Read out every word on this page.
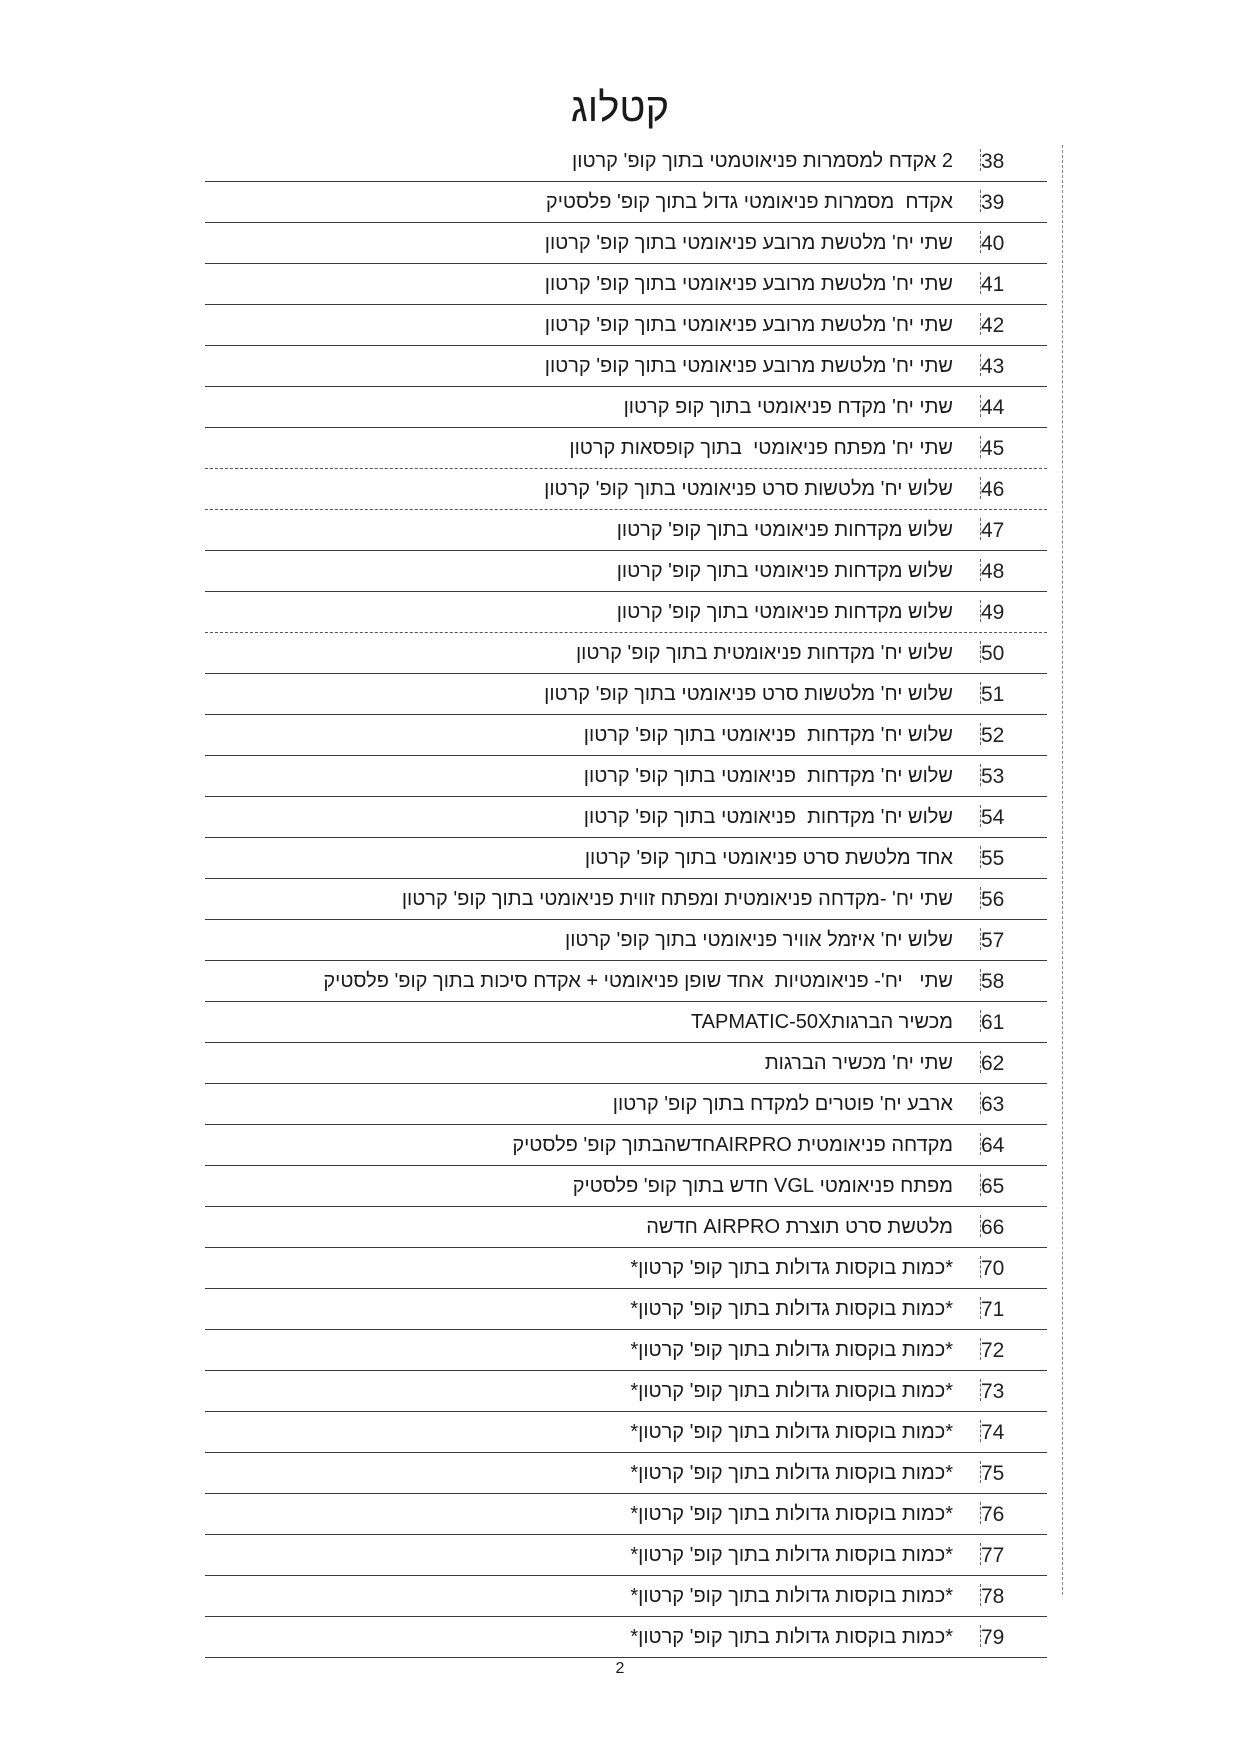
קטלוג
38
2 אקדח למסמרות פניאוטמטי בתוך קופ' קרטון
39
אקדח  מסמרות פניאומטי גדול בתוך קופ' פלסטיק
40
שתי יח' מלטשת מרובע פניאומטי בתוך קופ' קרטון
41
שתי יח' מלטשת מרובע פניאומטי בתוך קופ' קרטון
42
שתי יח' מלטשת מרובע פניאומטי בתוך קופ' קרטון
43
שתי יח' מלטשת מרובע פניאומטי בתוך קופ' קרטון
44
שתי יח' מקדח פניאומטי בתוך קופ קרטון
45
שתי יח' מפתח פניאומטי  בתוך קופסאות קרטון
46
שלוש יח' מלטשות סרט פניאומטי בתוך קופ' קרטון
47
שלוש מקדחות פניאומטי בתוך קופ' קרטון
48
שלוש מקדחות פניאומטי בתוך קופ' קרטון
49
שלוש מקדחות פניאומטי בתוך קופ' קרטון
50
שלוש יח' מקדחות פניאומטית בתוך קופ' קרטון
51
שלוש יח' מלטשות סרט פניאומטי בתוך קופ' קרטון
52
שלוש יח' מקדחות  פניאומטי בתוך קופ' קרטון
53
שלוש יח' מקדחות  פניאומטי בתוך קופ' קרטון
54
שלוש יח' מקדחות  פניאומטי בתוך קופ' קרטון
55
אחד מלטשת סרט פניאומטי בתוך קופ' קרטון
56
שתי יח' -מקדחה פניאומטית ומפתח זווית פניאומטי בתוך קופ' קרטון
57
שלוש יח' איזמל אוויר פניאומטי בתוך קופ' קרטון
58
שתי   יח'- פניאומטיות  אחד שופן פניאומטי + אקדח סיכות בתוך קופ' פלסטיק
61
מכשיר הברגותTAPMATIC-50X
62
שתי יח' מכשיר הברגות
63
ארבע יח' פוטרים למקדח בתוך קופ' קרטון
64
מקדחה פניאומטית AIRPROחדשהבתוך קופ' פלסטיק
65
מפתח פניאומטי VGL חדש בתוך קופ' פלסטיק
66
מלטשת סרט תוצרת AIRPRO חדשה
70
*כמות בוקסות גדולות בתוך קופ' קרטון*
71
*כמות בוקסות גדולות בתוך קופ' קרטון*
72
*כמות בוקסות גדולות בתוך קופ' קרטון*
73
*כמות בוקסות גדולות בתוך קופ' קרטון*
74
*כמות בוקסות גדולות בתוך קופ' קרטון*
75
*כמות בוקסות גדולות בתוך קופ' קרטון*
76
*כמות בוקסות גדולות בתוך קופ' קרטון*
77
*כמות בוקסות גדולות בתוך קופ' קרטון*
78
*כמות בוקסות גדולות בתוך קופ' קרטון*
79
*כמות בוקסות גדולות בתוך קופ' קרטון*
2
